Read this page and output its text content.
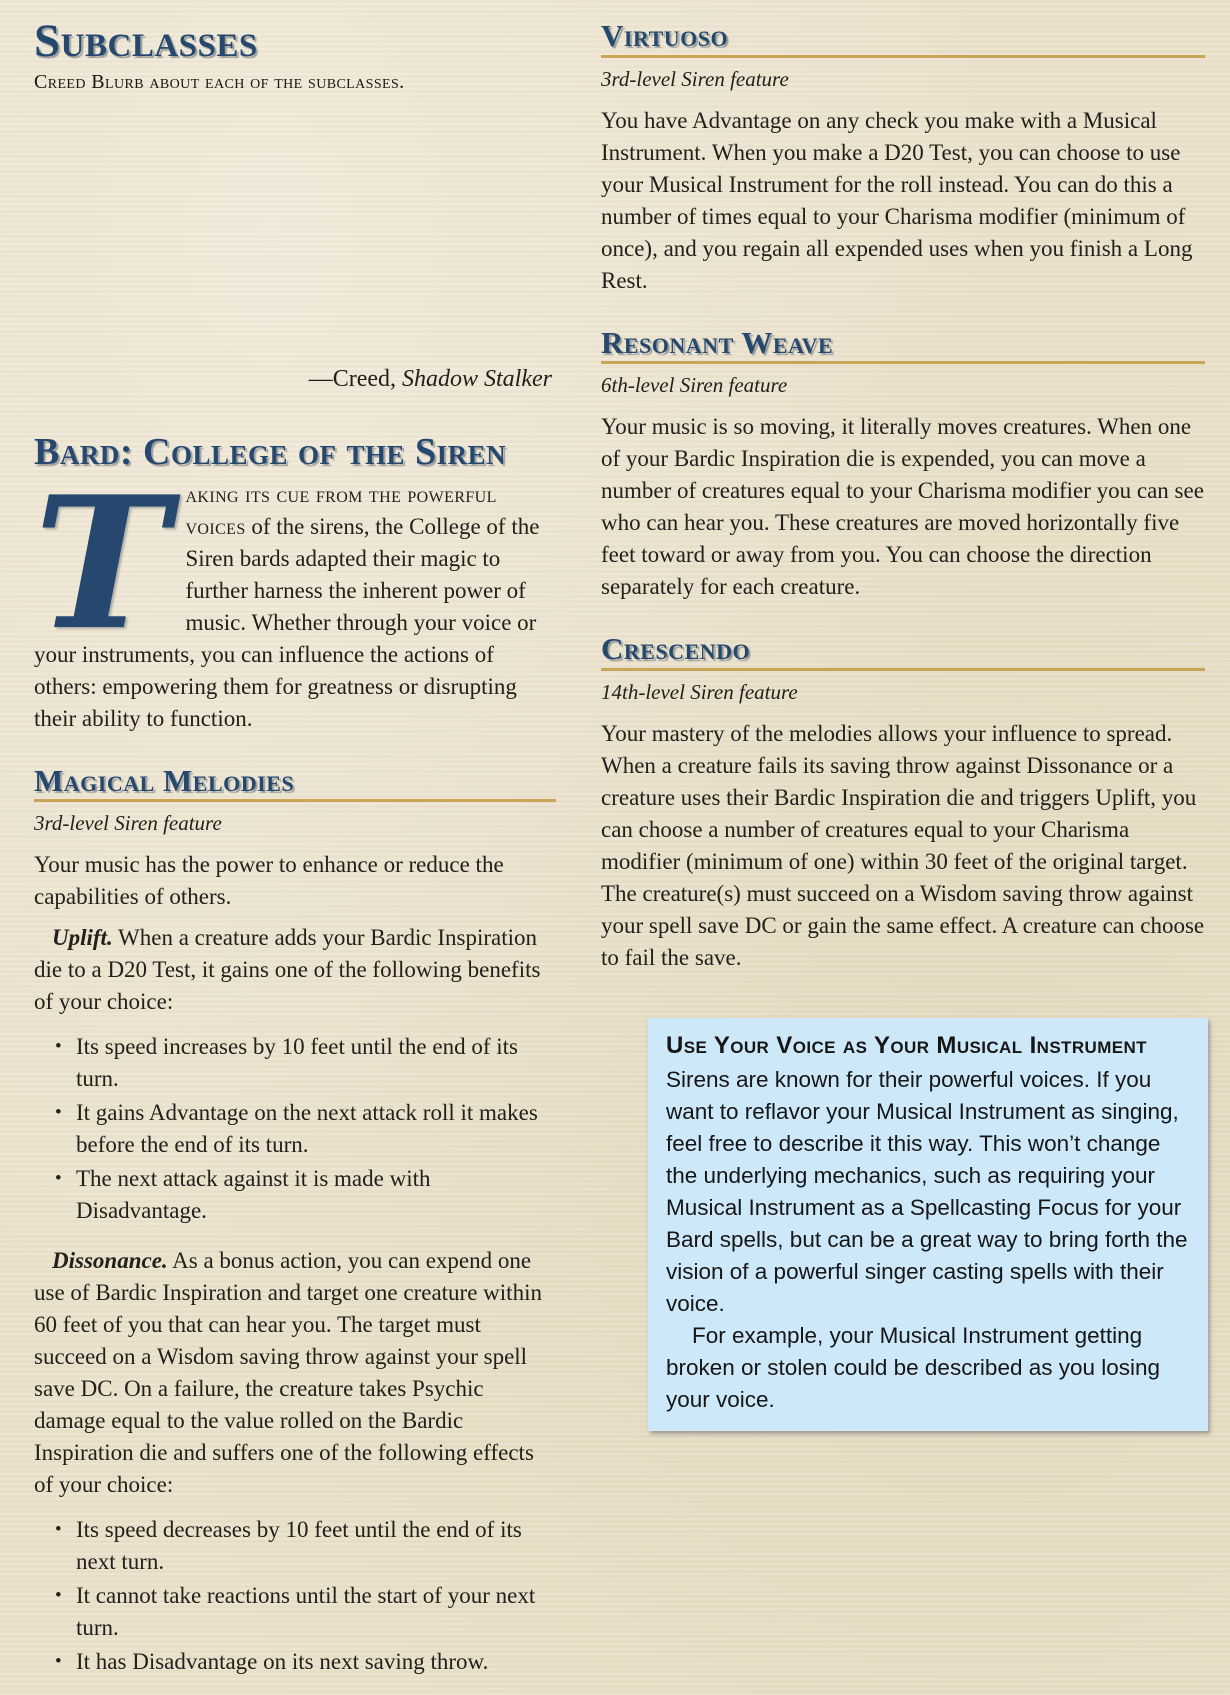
Subclasses
Creed Blurb about each of the subclasses.
—Creed, Shadow Stalker
Bard: College of the Siren
Taking its cue from the powerful voices of the sirens, the College of the Siren bards adapted their magic to further harness the inherent power of music. Whether through your voice or your instruments, you can influence the actions of others: empowering them for greatness or disrupting their ability to function.
Magical Melodies
3rd-level Siren feature

Your music has the power to enhance or reduce the capabilities of others.

Uplift. When a creature adds your Bardic Inspiration die to a D20 Test, it gains one of the following benefits of your choice:

• Its speed increases by 10 feet until the end of its turn.
• It gains Advantage on the next attack roll it makes before the end of its turn.
• The next attack against it is made with Disadvantage.

Dissonance. As a bonus action, you can expend one use of Bardic Inspiration and target one creature within 60 feet of you that can hear you. The target must succeed on a Wisdom saving throw against your spell save DC. On a failure, the creature takes Psychic damage equal to the value rolled on the Bardic Inspiration die and suffers one of the following effects of your choice:

• Its speed decreases by 10 feet until the end of its next turn.
• It cannot take reactions until the start of your next turn.
• It has Disadvantage on its next saving throw.
Virtuoso
3rd-level Siren feature

You have Advantage on any check you make with a Musical Instrument. When you make a D20 Test, you can choose to use your Musical Instrument for the roll instead. You can do this a number of times equal to your Charisma modifier (minimum of once), and you regain all expended uses when you finish a Long Rest.

Resonant Weave
6th-level Siren feature

Your music is so moving, it literally moves creatures. When one of your Bardic Inspiration die is expended, you can move a number of creatures equal to your Charisma modifier you can see who can hear you. These creatures are moved horizontally five feet toward or away from you. You can choose the direction separately for each creature.

Crescendo
14th-level Siren feature

Your mastery of the melodies allows your influence to spread. When a creature fails its saving throw against Dissonance or a creature uses their Bardic Inspiration die and triggers Uplift, you can choose a number of creatures equal to your Charisma modifier (minimum of one) within 30 feet of the original target. The creature(s) must succeed on a Wisdom saving throw against your spell save DC or gain the same effect. A creature can choose to fail the save.

Use Your Voice as Your Musical Instrument

Sirens are known for their powerful voices. If you want to reflavor your Musical Instrument as singing, feel free to describe it this way. This won’t change the underlying mechanics, such as requiring your Musical Instrument as a Spellcasting Focus for your Bard spells, but can be a great way to bring forth the vision of a powerful singer casting spells with their voice.

For example, your Musical Instrument getting broken or stolen could be described as you losing your voice.
